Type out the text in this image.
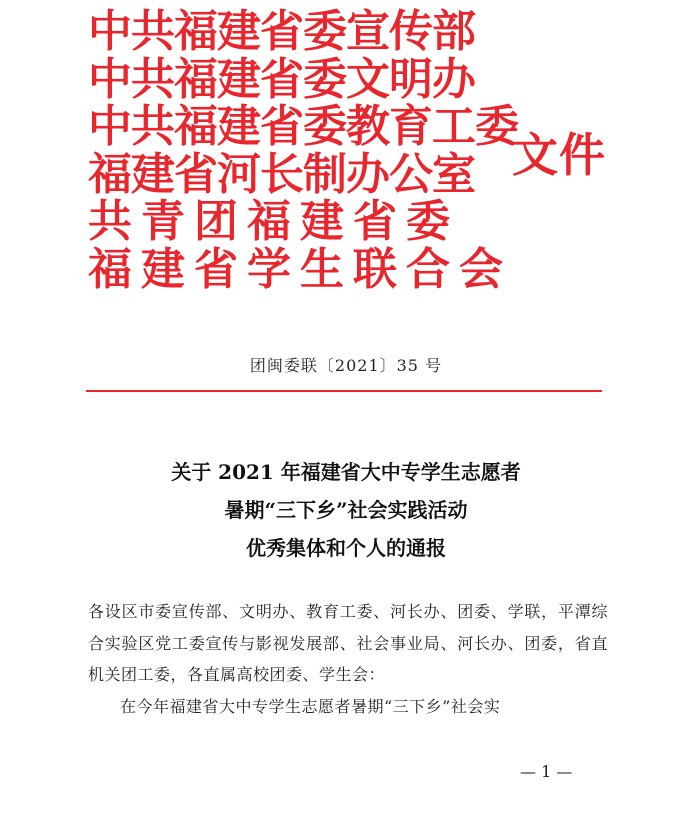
中共福建省委宣传部
中共福建省委文明办
中共福建省委教育工委
福建省河长制办公室
共青团福建省委
福建省学生联合会
文件
团闽委联〔2021〕35 号
关于 2021 年福建省大中专学生志愿者
暑期“三下乡”社会实践活动
优秀集体和个人的通报
各设区市委宣传部、文明办、教育工委、河长办、团委、学联，平潭综合实验区党工委宣传与影视发展部、社会事业局、河长办、团委，省直机关团工委，各直属高校团委、学生会：
在今年福建省大中专学生志愿者暑期“三下乡”社会实
— 1 —
